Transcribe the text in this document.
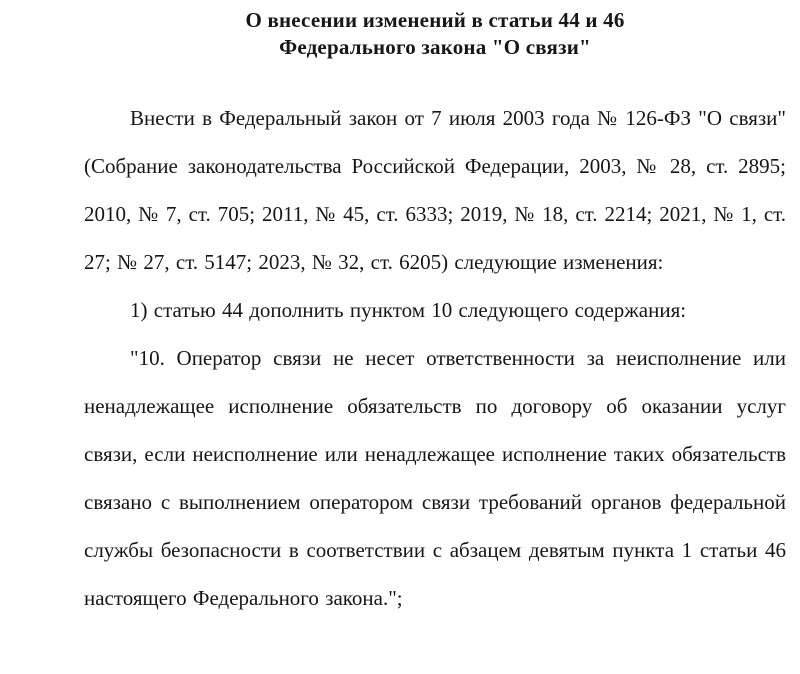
О внесении изменений в статьи 44 и 46
Федерального закона "О связи"

Внести в Федеральный закон от 7 июля 2003 года № 126-ФЗ "О связи" (Собрание законодательства Российской Федерации, 2003, № 28, ст. 2895; 2010, № 7, ст. 705; 2011, № 45, ст. 6333; 2019, № 18, ст. 2214; 2021, № 1, ст. 27; № 27, ст. 5147; 2023, № 32, ст. 6205) следующие изменения:

1) статью 44 дополнить пунктом 10 следующего содержания:

"10. Оператор связи не несет ответственности за неисполнение или ненадлежащее исполнение обязательств по договору об оказании услуг связи, если неисполнение или ненадлежащее исполнение таких обязательств связано с выполнением оператором связи требований органов федеральной службы безопасности в соответствии с абзацем девятым пункта 1 статьи 46 настоящего Федерального закона.";
